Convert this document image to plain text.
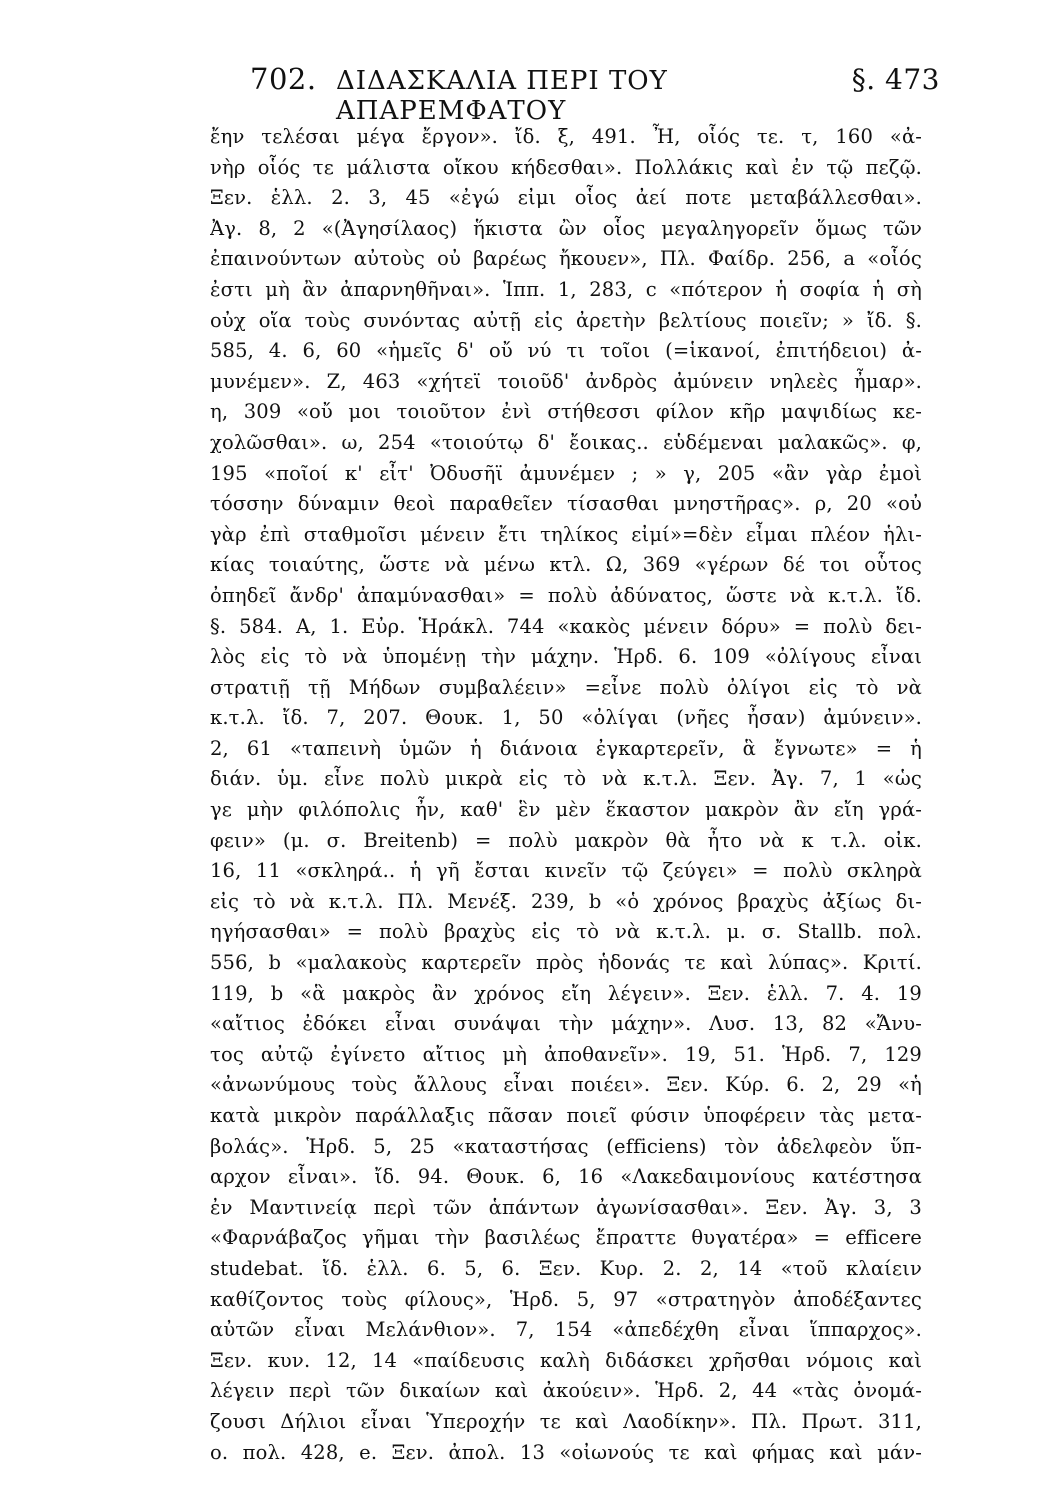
702. ΔΙΔΑΣΚΑΛΙΑ ΠΕΡΙ ΤΟΥ ΑΠΑΡΕΜΦΑΤΟΥ
§. 473
ἔην τελέσαι μέγα ἔργον». ἴδ. ξ, 491. Ἦ, οἷός τε. τ, 160 «ἀ-
νὴρ οἷός τε μάλιστα οἴκου κήδεσθαι». Πολλάκις καὶ ἐν τῷ πεζῷ.
Ξεν. ἑλλ. 2. 3, 45 «ἐγώ εἰμι οἷος ἀεί ποτε μεταβάλλεσθαι».
Ἀγ. 8, 2 «(Ἀγησίλαος) ἥκιστα ὢν οἷος μεγαληγορεῖν ὅμως τῶν
ἐπαινούντων αὐτοὺς οὐ βαρέως ἤκουεν», Πλ. Φαίδρ. 256, a «οἷός
ἐστι μὴ ἂν ἀπαρνηθῆναι». Ἱππ. 1, 283, c «πότερον ἡ σοφία ἡ σὴ
οὐχ οἵα τοὺς συνόντας αὐτῇ εἰς ἀρετὴν βελτίους ποιεῖν; » ἴδ. §.
585, 4. 6, 60 «ἡμεῖς δ' οὔ νύ τι τοῖοι (=ἱκανοί, ἐπιτήδειοι) ἀ-
μυνέμεν». Ζ, 463 «χήτεϊ τοιοῦδ' ἀνδρὸς ἀμύνειν νηλεὲς ἦμαρ».
η, 309 «οὔ μοι τοιοῦτον ἐνὶ στήθεσσι φίλον κῆρ μαψιδίως κε-
χολῶσθαι». ω, 254 «τοιούτῳ δ' ἔοικας.. εὑδέμεναι μαλακῶς». φ,
195 «ποῖοί κ' εἶτ' Ὀδυσῆϊ ἀμυνέμεν ; » γ, 205 «ἂν γὰρ ἐμοὶ
τόσσην δύναμιν θεοὶ παραθεῖεν τίσασθαι μνηστῆρας». ρ, 20 «οὐ
γὰρ ἐπὶ σταθμοῖσι μένειν ἔτι τηλίκος εἰμί»=δὲν εἶμαι πλέον ἡλι-
κίας τοιαύτης, ὥστε νὰ μένω κτλ. Ω, 369 «γέρων δέ τοι οὗτος
ὀπηδεῖ ἄνδρ' ἀπαμύνασθαι» = πολὺ ἀδύνατος, ὥστε νὰ κ.τ.λ. ἴδ.
§. 584. A, 1. Εὐρ. Ἡράκλ. 744 «κακὸς μένειν δόρυ» = πολὺ δει-
λὸς εἰς τὸ νὰ ὑπομένῃ τὴν μάχην. Ἡρδ. 6. 109 «ὀλίγους εἶναι
στρατιῇ τῇ Μήδων συμβαλέειν» =εἶνε πολὺ ὀλίγοι εἰς τὸ νὰ
κ.τ.λ. ἴδ. 7, 207. Θουκ. 1, 50 «ὀλίγαι (νῆες ἦσαν) ἀμύνειν».
2, 61 «ταπεινὴ ὑμῶν ἡ διάνοια ἐγκαρτερεῖν, ἃ ἔγνωτε» = ἡ
διάν. ὑμ. εἶνε πολὺ μικρὰ εἰς τὸ νὰ κ.τ.λ. Ξεν. Ἀγ. 7, 1 «ὡς
γε μὴν φιλόπολις ἦν, καθ' ἓν μὲν ἕκαστον μακρὸν ἂν εἴη γρά-
φειν» (μ. σ. Breitenb) = πολὺ μακρὸν θὰ ἦτο νὰ κ τ.λ. οἰκ.
16, 11 «σκληρά.. ἡ γῆ ἔσται κινεῖν τῷ ζεύγει» = πολὺ σκληρὰ
εἰς τὸ νὰ κ.τ.λ. Πλ. Μενέξ. 239, b «ὁ χρόνος βραχὺς ἀξίως δι-
ηγήσασθαι» = πολὺ βραχὺς εἰς τὸ νὰ κ.τ.λ. μ. σ. Stallb. πολ.
556, b «μαλακοὺς καρτερεῖν πρὸς ἡδονάς τε καὶ λύπας». Κριτί.
119, b «ἃ μακρὸς ἂν χρόνος εἴη λέγειν». Ξεν. ἑλλ. 7. 4. 19
«αἴτιος ἐδόκει εἶναι συνάψαι τὴν μάχην». Λυσ. 13, 82 «Ἄνυ-
τος αὐτῷ ἐγίνετο αἴτιος μὴ ἀποθανεῖν». 19, 51. Ἡρδ. 7, 129
«ἀνωνύμους τοὺς ἄλλους εἶναι ποιέει». Ξεν. Κύρ. 6. 2, 29 «ἡ
κατὰ μικρὸν παράλλαξις πᾶσαν ποιεῖ φύσιν ὑποφέρειν τὰς μετα-
βολάς». Ἡρδ. 5, 25 «καταστήσας (efficiens) τὸν ἀδελφεὸν ὕπ-
αρχον εἶναι». ἴδ. 94. Θουκ. 6, 16 «Λακεδαιμονίους κατέστησα
ἐν Μαντινείᾳ περὶ τῶν ἁπάντων ἀγωνίσασθαι». Ξεν. Ἀγ. 3, 3
«Φαρνάβαζος γῆμαι τὴν βασιλέως ἔπραττε θυγατέρα» = efficere
studebat. ἴδ. ἑλλ. 6. 5, 6. Ξεν. Κυρ. 2. 2, 14 «τοῦ κλαίειν
καθίζοντος τοὺς φίλους», Ἡρδ. 5, 97 «στρατηγὸν ἀποδέξαντες
αὐτῶν εἶναι Μελάνθιον». 7, 154 «ἀπεδέχθη εἶναι ἵππαρχος».
Ξεν. κυν. 12, 14 «παίδευσις καλὴ διδάσκει χρῆσθαι νόμοις καὶ
λέγειν περὶ τῶν δικαίων καὶ ἀκούειν». Ἡρδ. 2, 44 «τὰς ὀνομά-
ζουσι Δήλιοι εἶναι Ὑπεροχήν τε καὶ Λαοδίκην». Πλ. Πρωτ. 311,
ο. πολ. 428, e. Ξεν. ἀπολ. 13 «οἰωνούς τε καὶ φήμας καὶ μάν-
